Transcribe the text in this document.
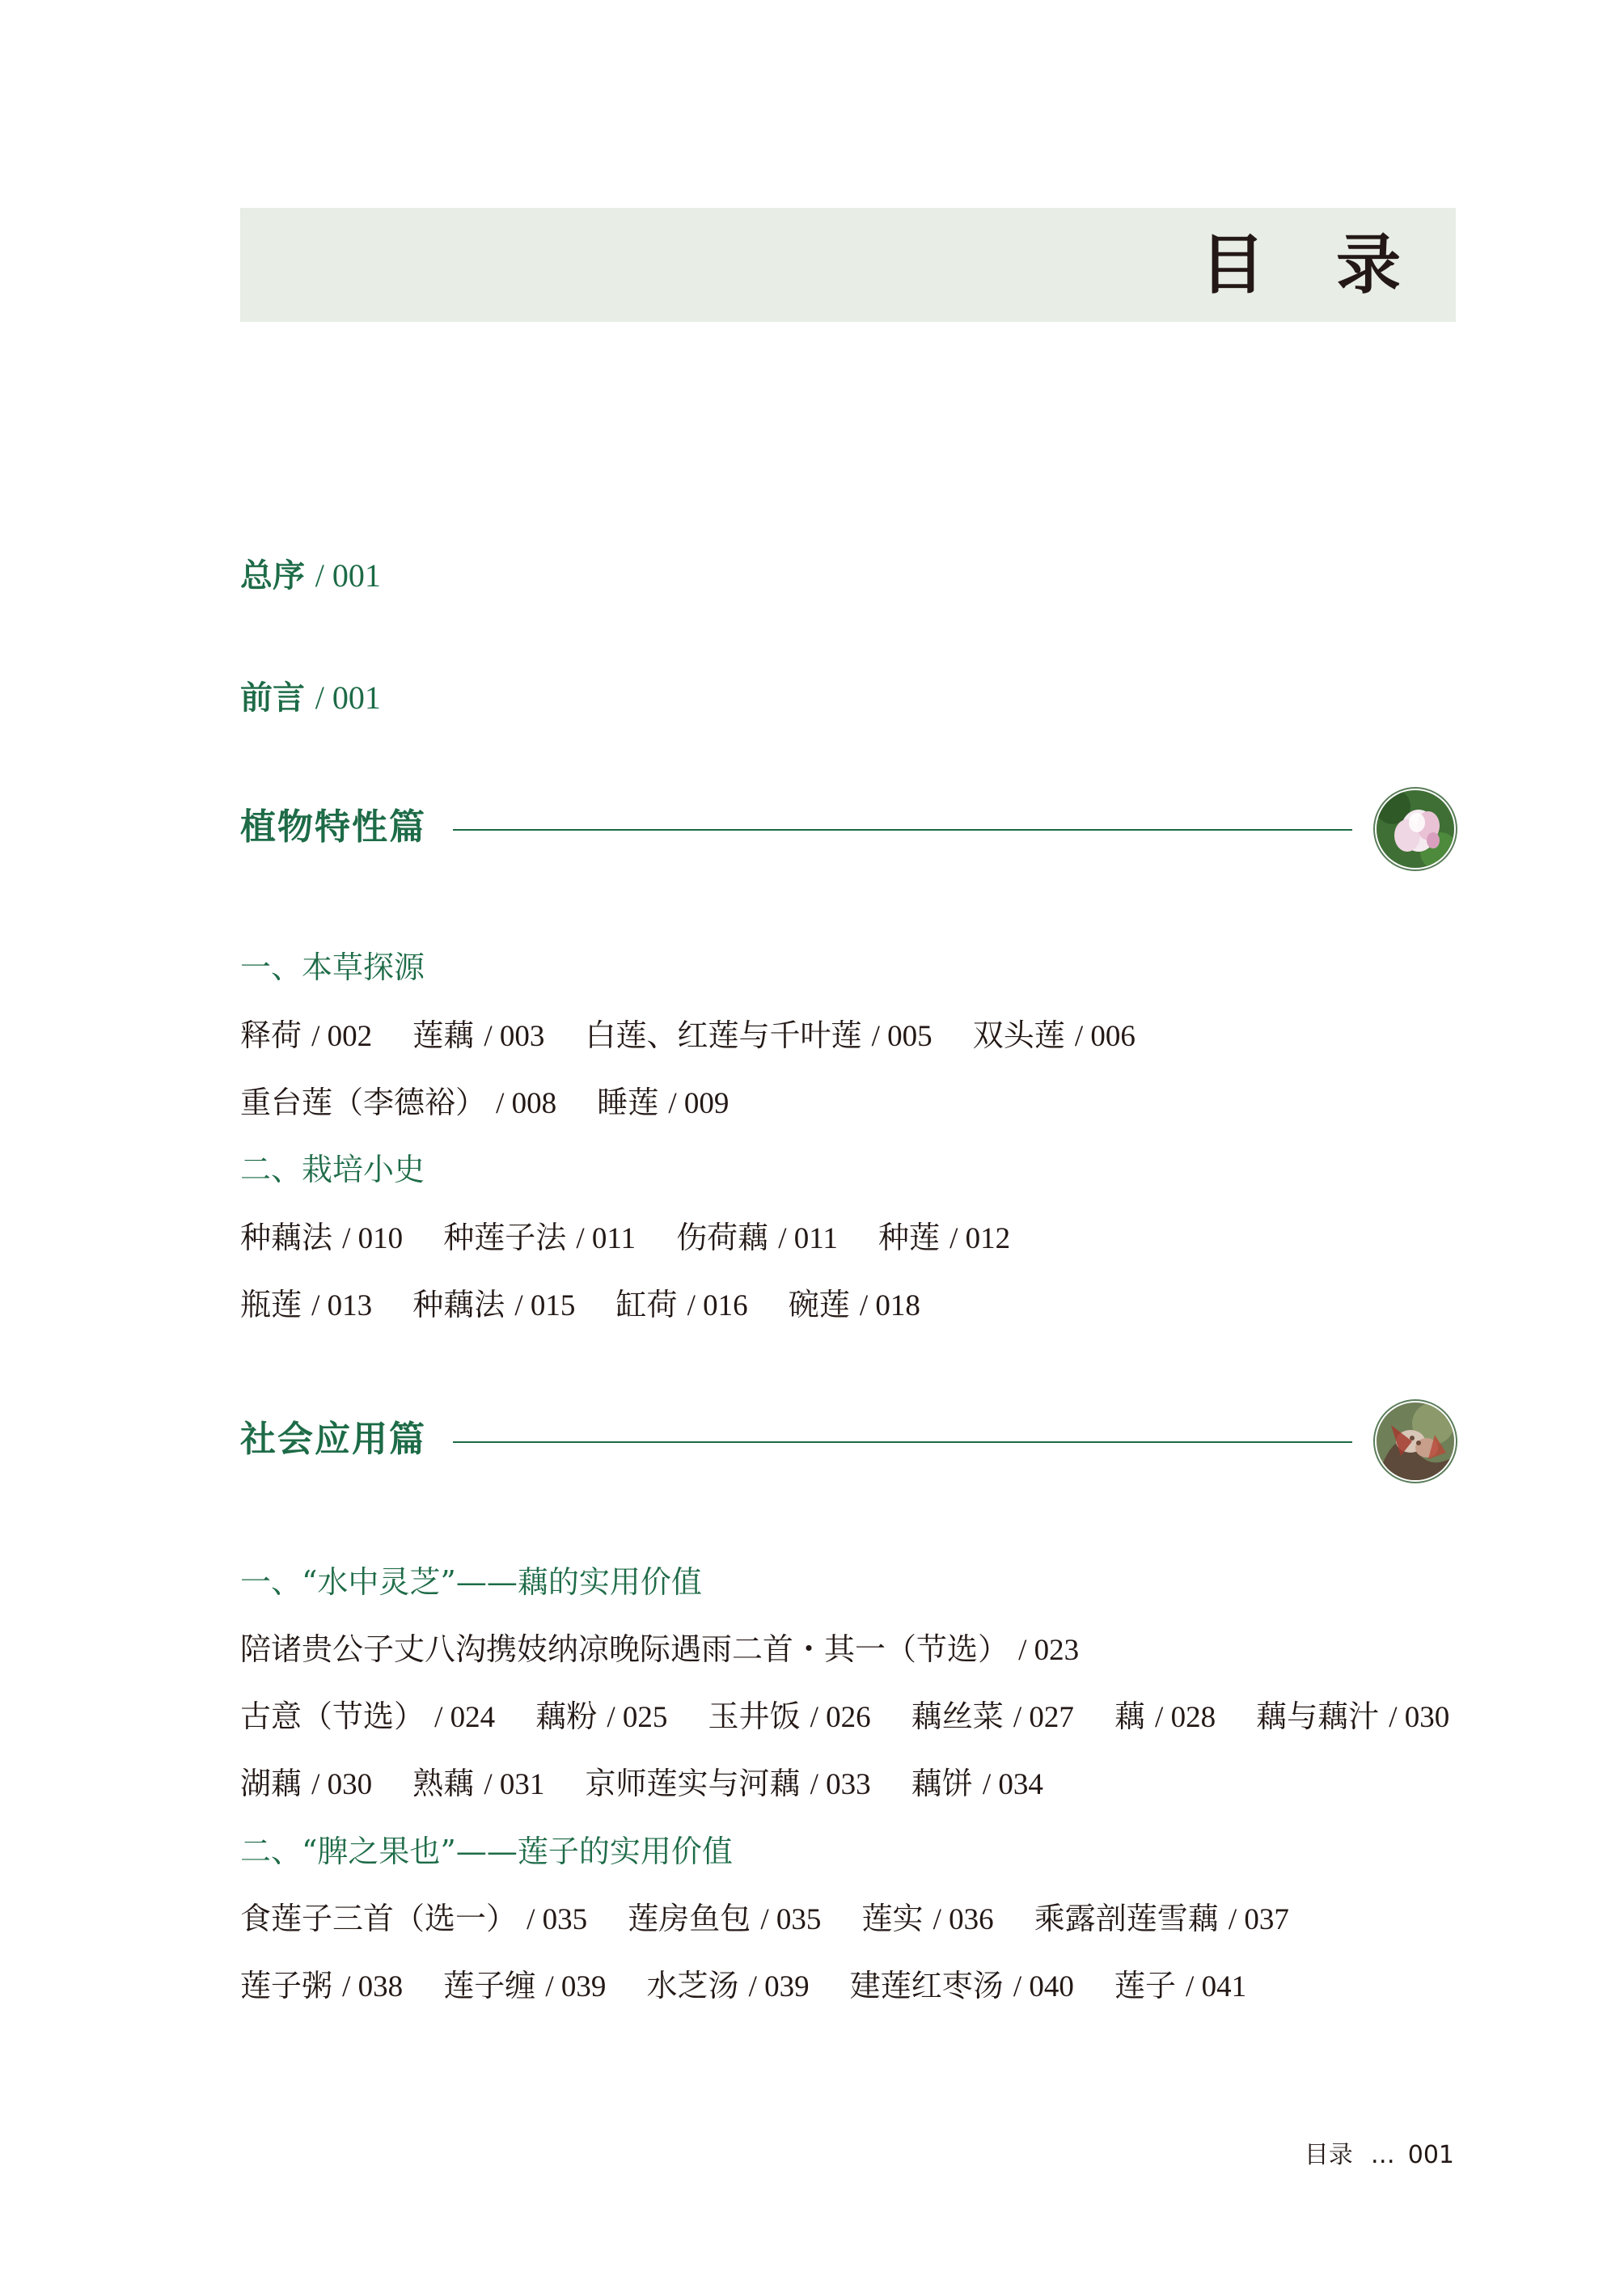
目 录
总序 / 001
前言 / 001
植物特性篇
一、本草探源
释荷 / 002 莲藕 / 003 白莲、红莲与千叶莲 / 005 双头莲 / 006
重台莲（李德裕） / 008 睡莲 / 009
二、栽培小史
种藕法 / 010 种莲子法 / 011 伤荷藕 / 011 种莲 / 012
瓶莲 / 013 种藕法 / 015 缸荷 / 016 碗莲 / 018
社会应用篇
一、“水中灵芝”——藕的实用价值
陪诸贵公子丈八沟携妓纳凉晚际遇雨二首・其一（节选） / 023
古意（节选） / 024 藕粉 / 025 玉井饭 / 026 藕丝菜 / 027 藕 / 028 藕与藕汁 / 030
湖藕 / 030 熟藕 / 031 京师莲实与河藕 / 033 藕饼 / 034
二、“脾之果也”——莲子的实用价值
食莲子三首（选一） / 035 莲房鱼包 / 035 莲实 / 036 乘露剖莲雪藕 / 037
莲子粥 / 038 莲子缠 / 039 水芝汤 / 039 建莲红枣汤 / 040 莲子 / 041
目录 … 001
